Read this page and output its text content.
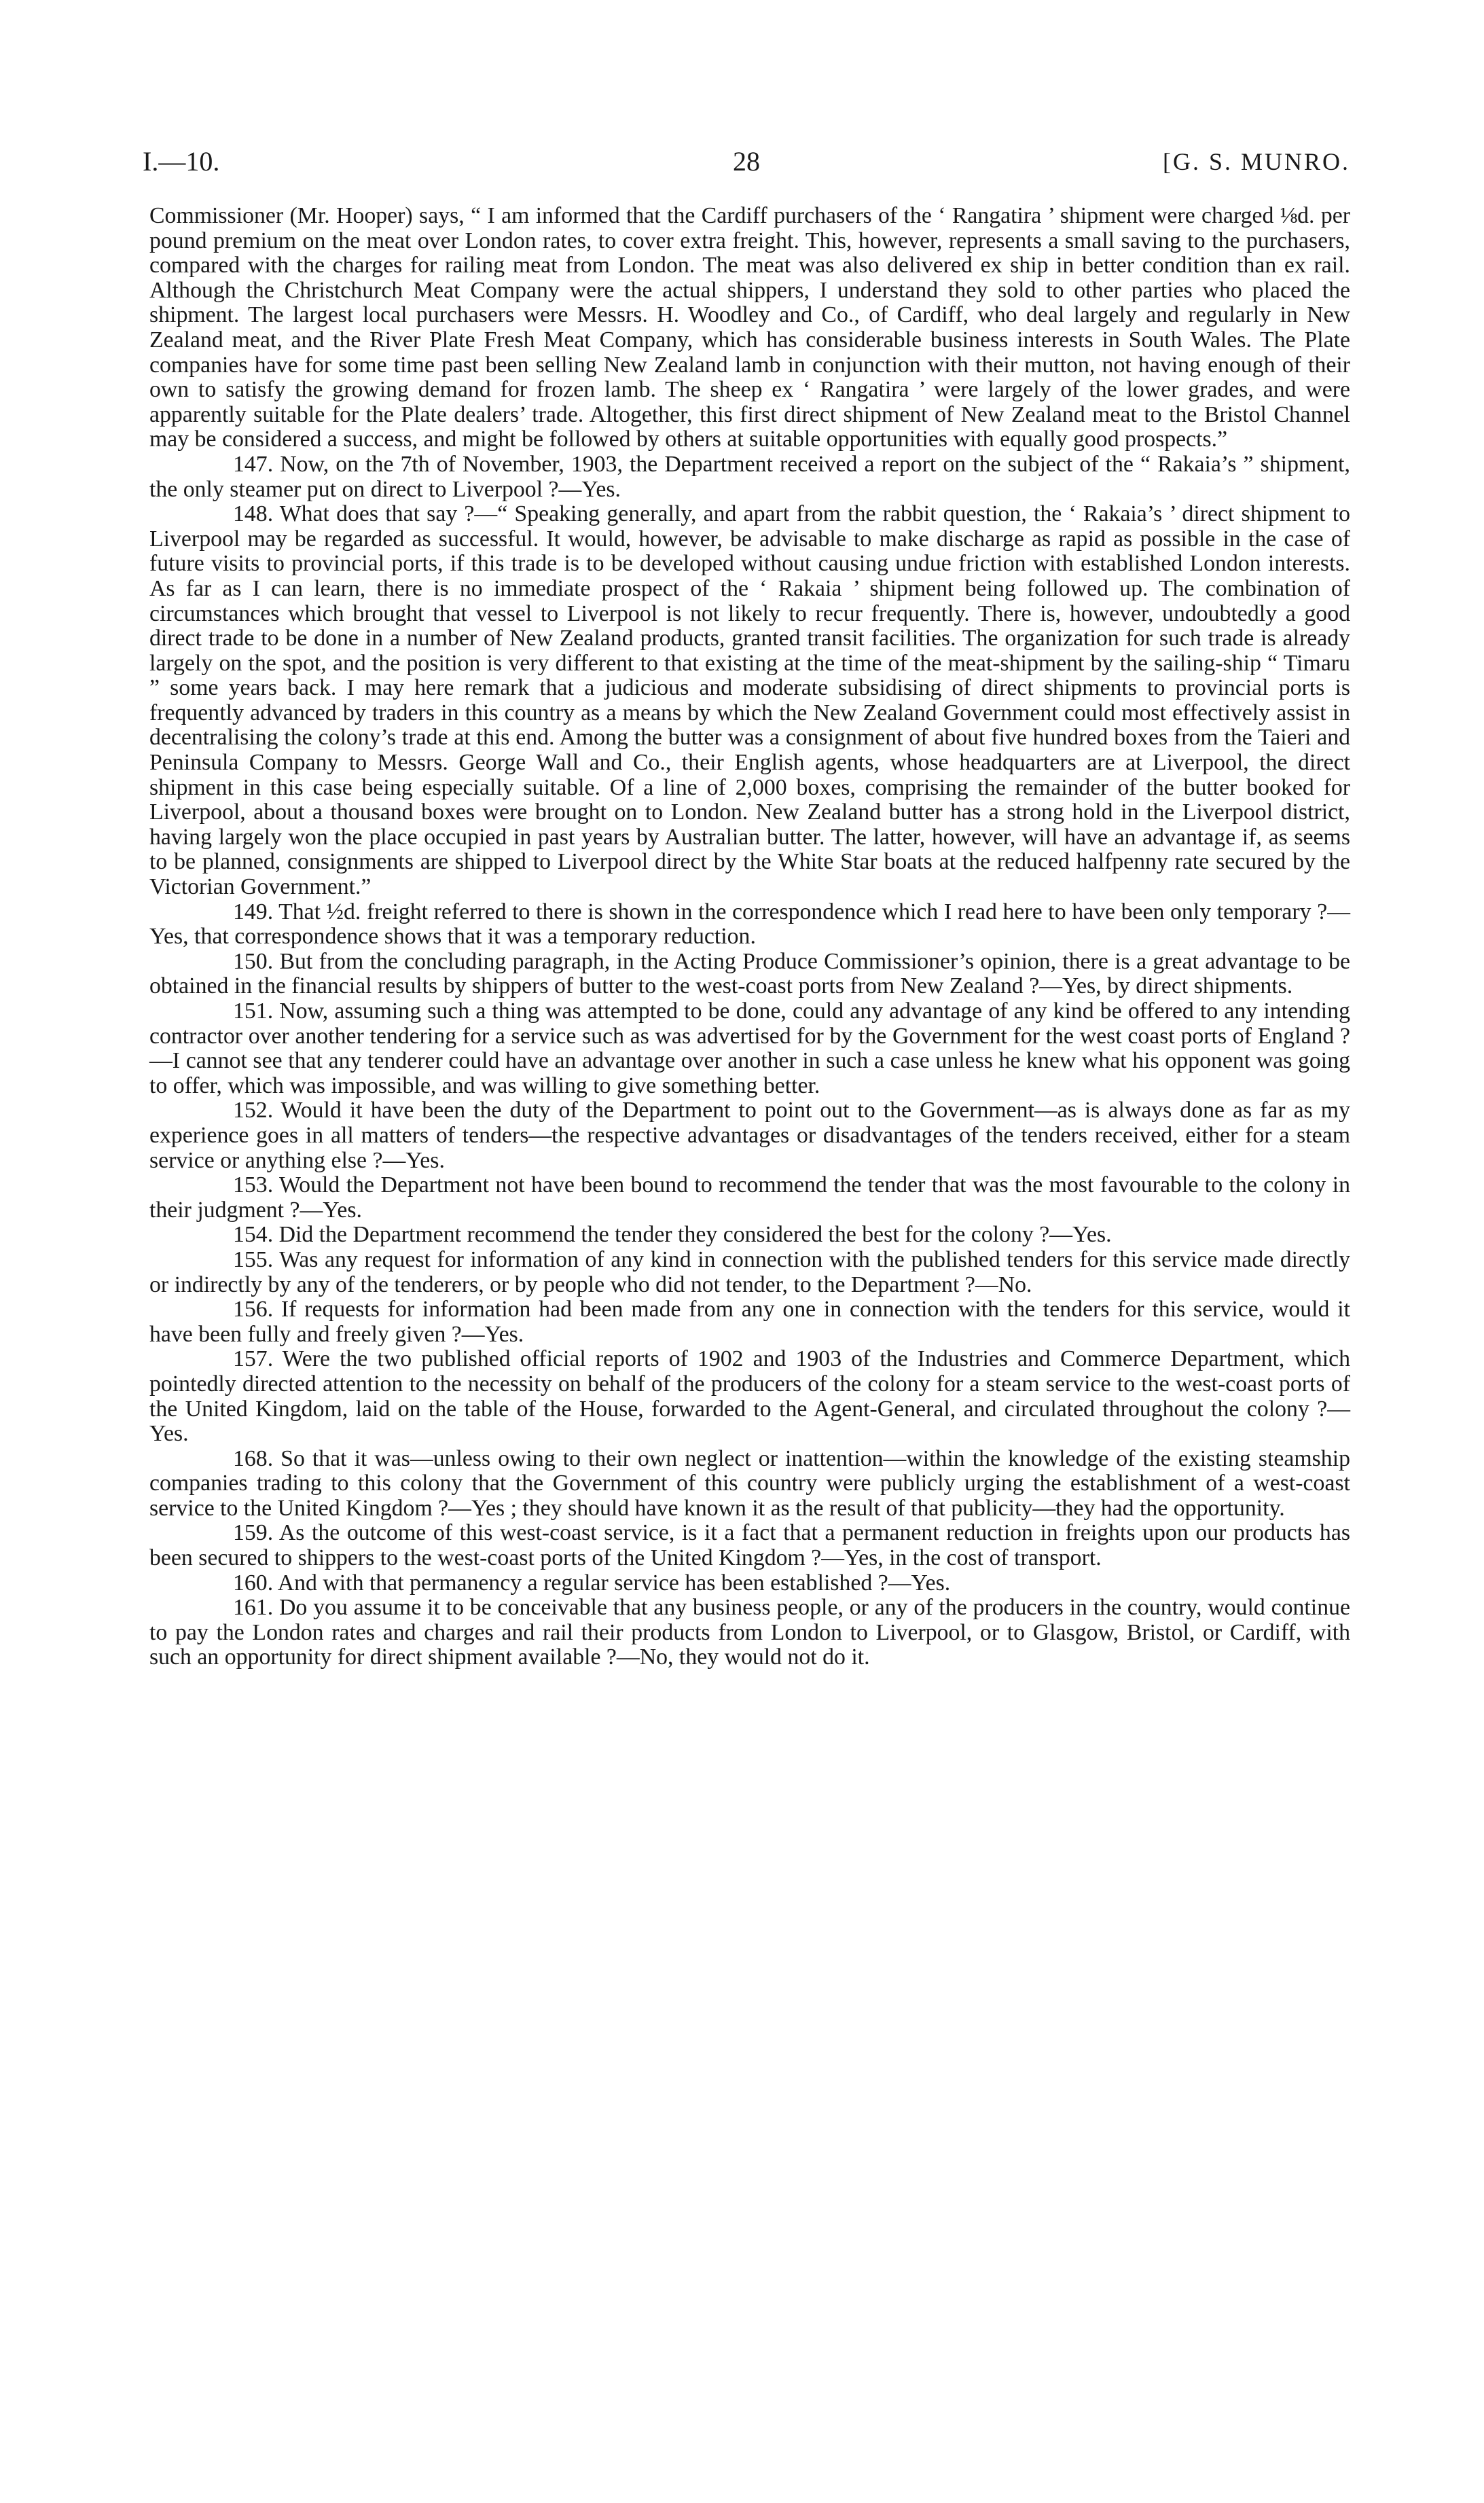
I.—10.	28	[G. S. MUNRO.

Commissioner (Mr. Hooper) says, “ I am informed that the Cardiff purchasers of the ‘ Rangatira ’ shipment were charged ⅛d. per pound premium on the meat over London rates, to cover extra freight. This, however, represents a small saving to the purchasers, compared with the charges for railing meat from London. The meat was also delivered ex ship in better condition than ex rail. Although the Christchurch Meat Company were the actual shippers, I understand they sold to other parties who placed the shipment. The largest local purchasers were Messrs. H. Woodley and Co., of Cardiff, who deal largely and regularly in New Zealand meat, and the River Plate Fresh Meat Company, which has considerable business interests in South Wales. The Plate companies have for some time past been selling New Zealand lamb in conjunction with their mutton, not having enough of their own to satisfy the growing demand for frozen lamb. The sheep ex ‘ Rangatira ’ were largely of the lower grades, and were apparently suitable for the Plate dealers’ trade. Altogether, this first direct shipment of New Zealand meat to the Bristol Channel may be considered a success, and might be followed by others at suitable opportunities with equally good prospects.”

147. Now, on the 7th of November, 1903, the Department received a report on the subject of the “ Rakaia’s ” shipment, the only steamer put on direct to Liverpool ?—Yes.

148. What does that say ?—“ Speaking generally, and apart from the rabbit question, the ‘ Rakaia’s ’ direct shipment to Liverpool may be regarded as successful. It would, however, be advisable to make discharge as rapid as possible in the case of future visits to provincial ports, if this trade is to be developed without causing undue friction with established London interests. As far as I can learn, there is no immediate prospect of the ‘ Rakaia ’ shipment being followed up. The combination of circumstances which brought that vessel to Liverpool is not likely to recur frequently. There is, however, undoubtedly a good direct trade to be done in a number of New Zealand products, granted transit facilities. The organization for such trade is already largely on the spot, and the position is very different to that existing at the time of the meat-shipment by the sailing-ship “ Timaru ” some years back. I may here remark that a judicious and moderate subsidising of direct shipments to provincial ports is frequently advanced by traders in this country as a means by which the New Zealand Government could most effectively assist in decentralising the colony’s trade at this end. Among the butter was a consignment of about five hundred boxes from the Taieri and Peninsula Company to Messrs. George Wall and Co., their English agents, whose headquarters are at Liverpool, the direct shipment in this case being especially suitable. Of a line of 2,000 boxes, comprising the remainder of the butter booked for Liverpool, about a thousand boxes were brought on to London. New Zealand butter has a strong hold in the Liverpool district, having largely won the place occupied in past years by Australian butter. The latter, however, will have an advantage if, as seems to be planned, consignments are shipped to Liverpool direct by the White Star boats at the reduced halfpenny rate secured by the Victorian Government.”

149. That ½d. freight referred to there is shown in the correspondence which I read here to have been only temporary ?—Yes, that correspondence shows that it was a temporary reduction.

150. But from the concluding paragraph, in the Acting Produce Commissioner’s opinion, there is a great advantage to be obtained in the financial results by shippers of butter to the west-coast ports from New Zealand ?—Yes, by direct shipments.

151. Now, assuming such a thing was attempted to be done, could any advantage of any kind be offered to any intending contractor over another tendering for a service such as was advertised for by the Government for the west coast ports of England ?—I cannot see that any tenderer could have an advantage over another in such a case unless he knew what his opponent was going to offer, which was impossible, and was willing to give something better.

152. Would it have been the duty of the Department to point out to the Government—as is always done as far as my experience goes in all matters of tenders—the respective advantages or disadvantages of the tenders received, either for a steam service or anything else ?—Yes.

153. Would the Department not have been bound to recommend the tender that was the most favourable to the colony in their judgment ?—Yes.

154. Did the Department recommend the tender they considered the best for the colony ?—Yes.

155. Was any request for information of any kind in connection with the published tenders for this service made directly or indirectly by any of the tenderers, or by people who did not tender, to the Department ?—No.

156. If requests for information had been made from any one in connection with the tenders for this service, would it have been fully and freely given ?—Yes.

157. Were the two published official reports of 1902 and 1903 of the Industries and Commerce Department, which pointedly directed attention to the necessity on behalf of the producers of the colony for a steam service to the west-coast ports of the United Kingdom, laid on the table of the House, forwarded to the Agent-General, and circulated throughout the colony ?—Yes.

168. So that it was—unless owing to their own neglect or inattention—within the knowledge of the existing steamship companies trading to this colony that the Government of this country were publicly urging the establishment of a west-coast service to the United Kingdom ?—Yes ; they should have known it as the result of that publicity—they had the opportunity.

159. As the outcome of this west-coast service, is it a fact that a permanent reduction in freights upon our products has been secured to shippers to the west-coast ports of the United Kingdom ?—Yes, in the cost of transport.

160. And with that permanency a regular service has been established ?—Yes.

161. Do you assume it to be conceivable that any business people, or any of the producers in the country, would continue to pay the London rates and charges and rail their products from London to Liverpool, or to Glasgow, Bristol, or Cardiff, with such an opportunity for direct shipment available ?—No, they would not do it.
